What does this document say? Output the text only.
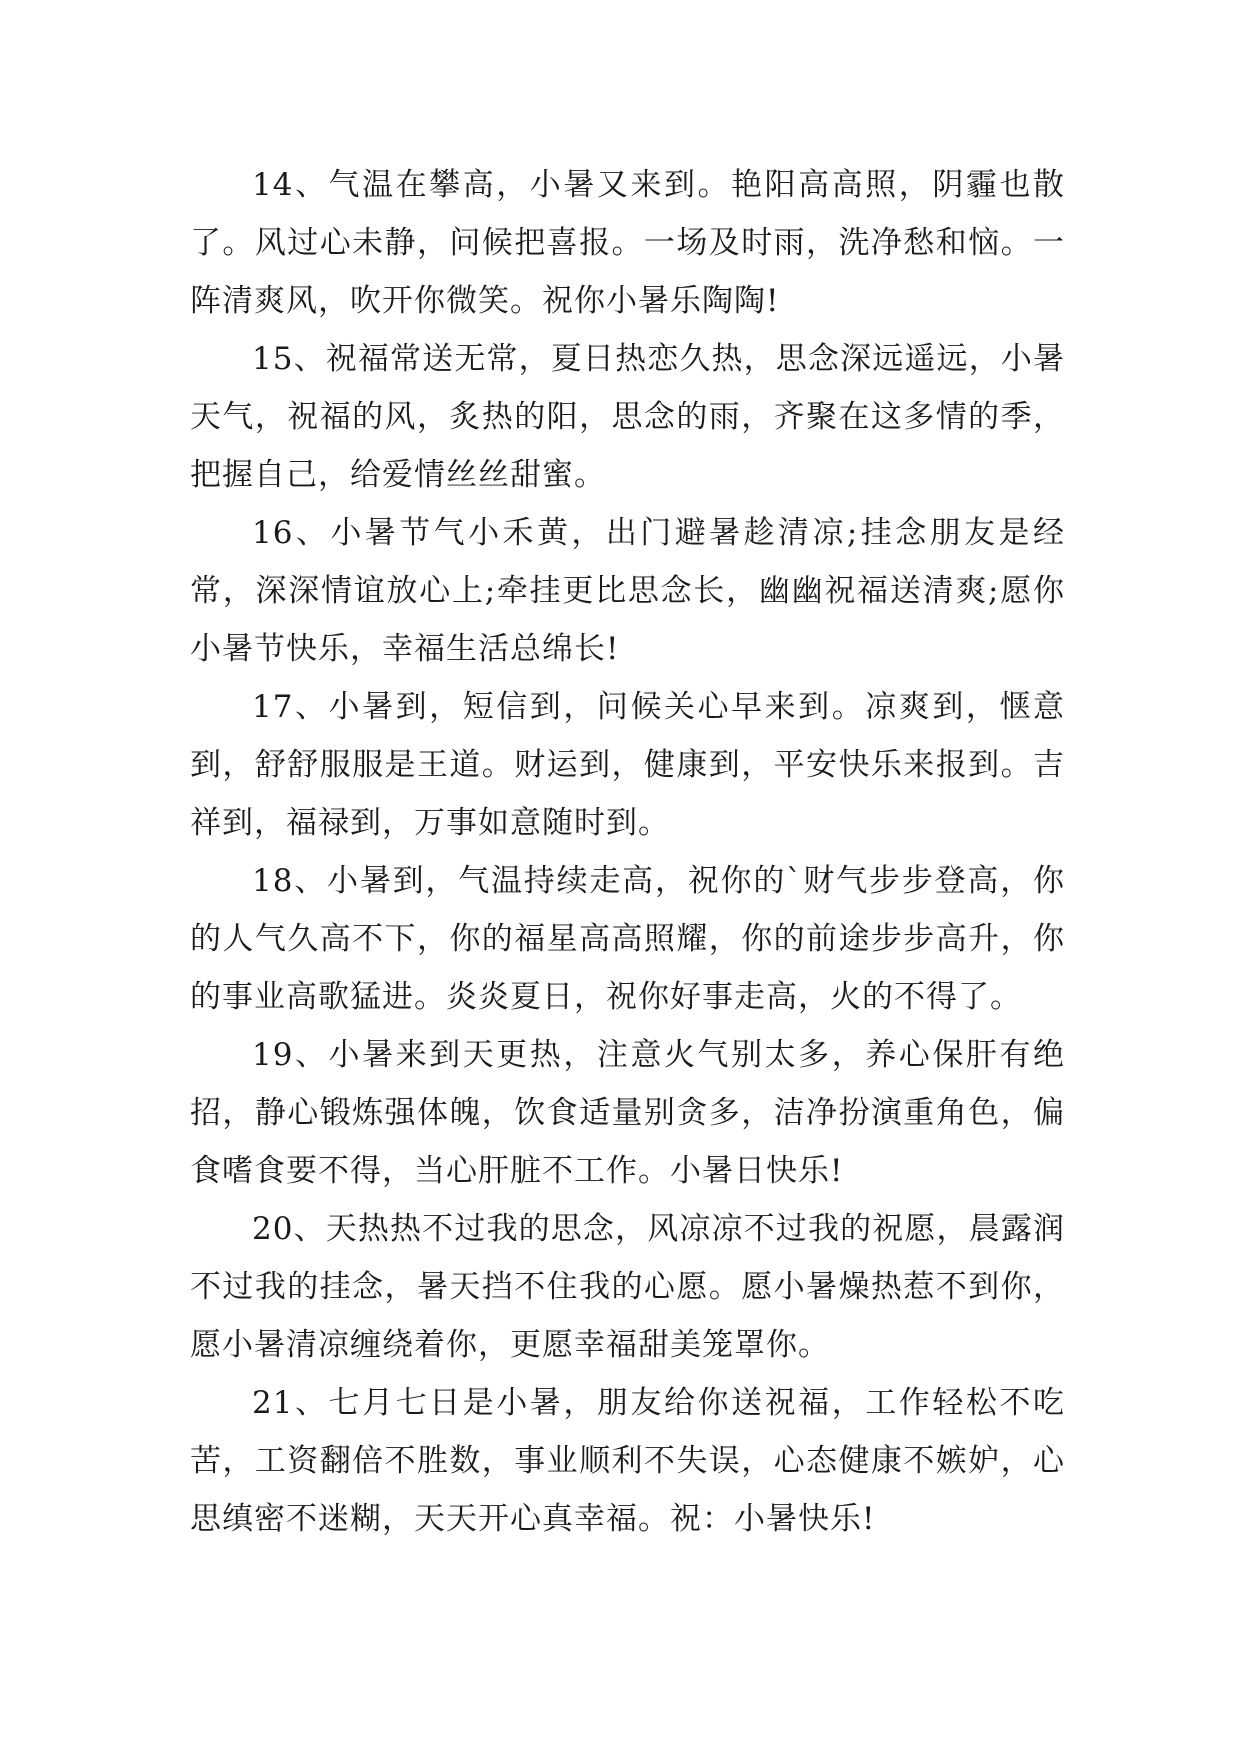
14、气温在攀高，小暑又来到。艳阳高高照，阴霾也散了。风过心未静，问候把喜报。一场及时雨，洗净愁和恼。一阵清爽风，吹开你微笑。祝你小暑乐陶陶!

15、祝福常送无常，夏日热恋久热，思念深远遥远，小暑天气，祝福的风，炙热的阳，思念的雨，齐聚在这多情的季，把握自己，给爱情丝丝甜蜜。

16、小暑节气小禾黄，出门避暑趁清凉;挂念朋友是经常，深深情谊放心上;牵挂更比思念长，幽幽祝福送清爽;愿你小暑节快乐，幸福生活总绵长!

17、小暑到，短信到，问候关心早来到。凉爽到，惬意到，舒舒服服是王道。财运到，健康到，平安快乐来报到。吉祥到，福禄到，万事如意随时到。

18、小暑到，气温持续走高，祝你的`财气步步登高，你的人气久高不下，你的福星高高照耀，你的前途步步高升，你的事业高歌猛进。炎炎夏日，祝你好事走高，火的不得了。

19、小暑来到天更热，注意火气别太多，养心保肝有绝招，静心锻炼强体魄，饮食适量别贪多，洁净扮演重角色，偏食嗜食要不得，当心肝脏不工作。小暑日快乐!

20、天热热不过我的思念，风凉凉不过我的祝愿，晨露润不过我的挂念，暑天挡不住我的心愿。愿小暑燥热惹不到你，愿小暑清凉缠绕着你，更愿幸福甜美笼罩你。

21、七月七日是小暑，朋友给你送祝福，工作轻松不吃苦，工资翻倍不胜数，事业顺利不失误，心态健康不嫉妒，心思缜密不迷糊，天天开心真幸福。祝：小暑快乐!
